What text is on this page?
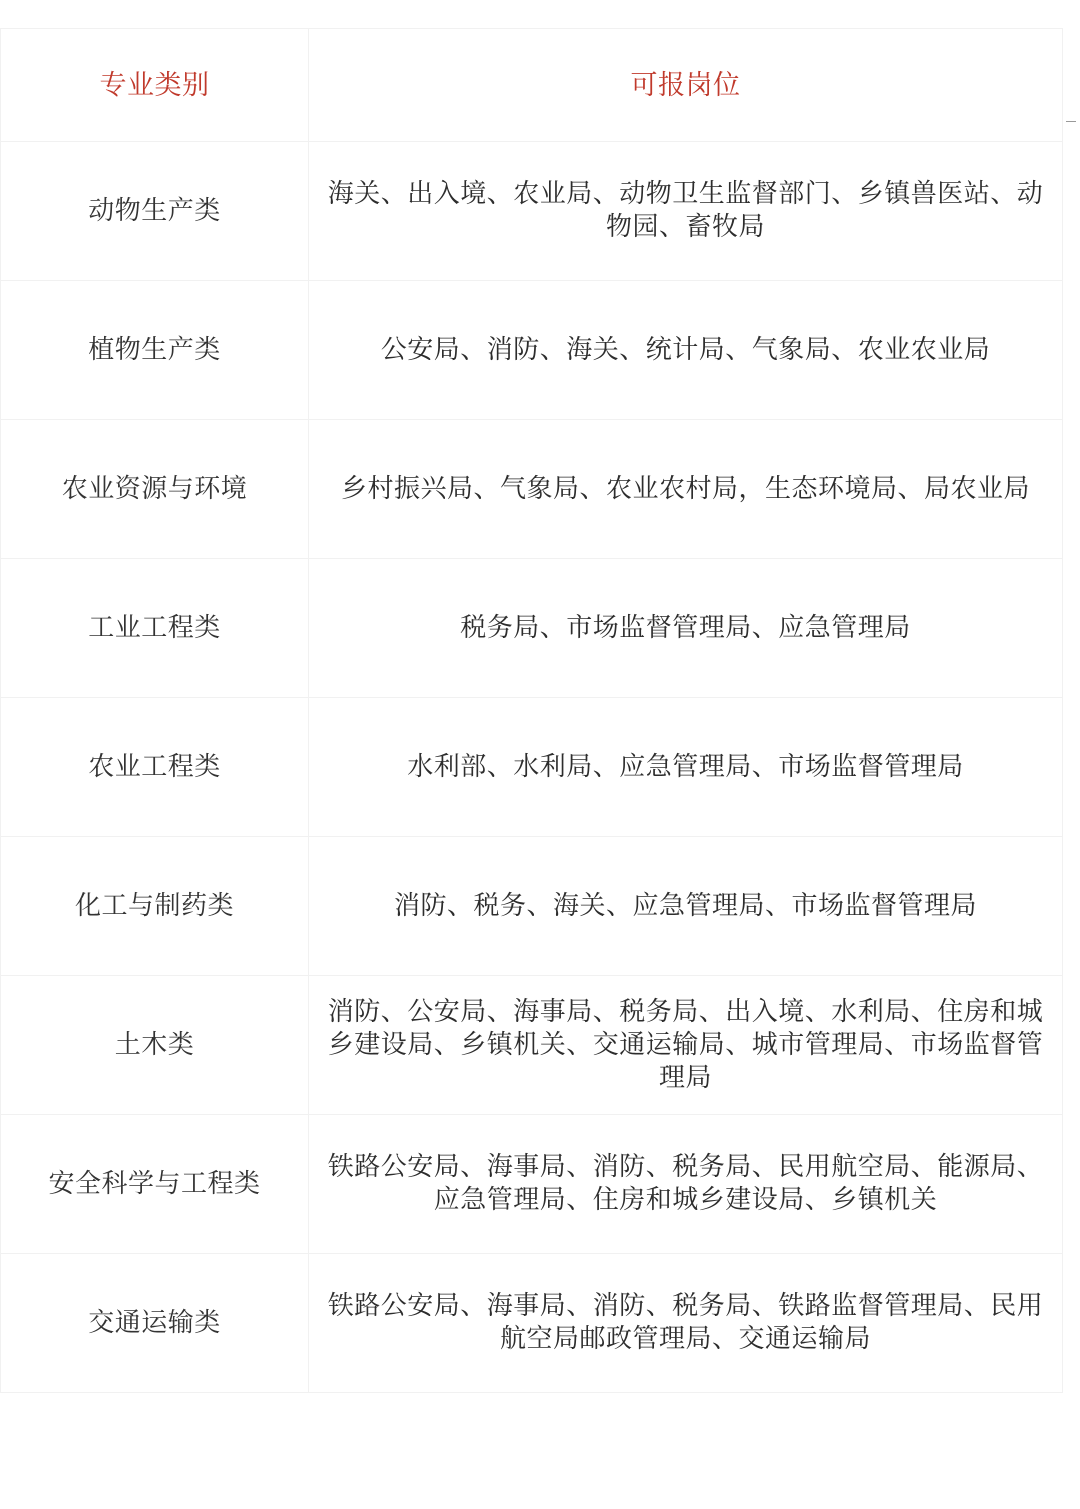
专业类别	可报岗位
动物生产类	海关、出入境、农业局、动物卫生监督部门、乡镇兽医站、动物园、畜牧局
植物生产类	公安局、消防、海关、统计局、气象局、农业农业局
农业资源与环境	乡村振兴局、气象局、农业农村局，生态环境局、局农业局
工业工程类	税务局、市场监督管理局、应急管理局
农业工程类	水利部、水利局、应急管理局、市场监督管理局
化工与制药类	消防、税务、海关、应急管理局、市场监督管理局
土木类	消防、公安局、海事局、税务局、出入境、水利局、住房和城乡建设局、乡镇机关、交通运输局、城市管理局、市场监督管理局
安全科学与工程类	铁路公安局、海事局、消防、税务局、民用航空局、能源局、应急管理局、住房和城乡建设局、乡镇机关
交通运输类	铁路公安局、海事局、消防、税务局、铁路监督管理局、民用航空局邮政管理局、交通运输局
